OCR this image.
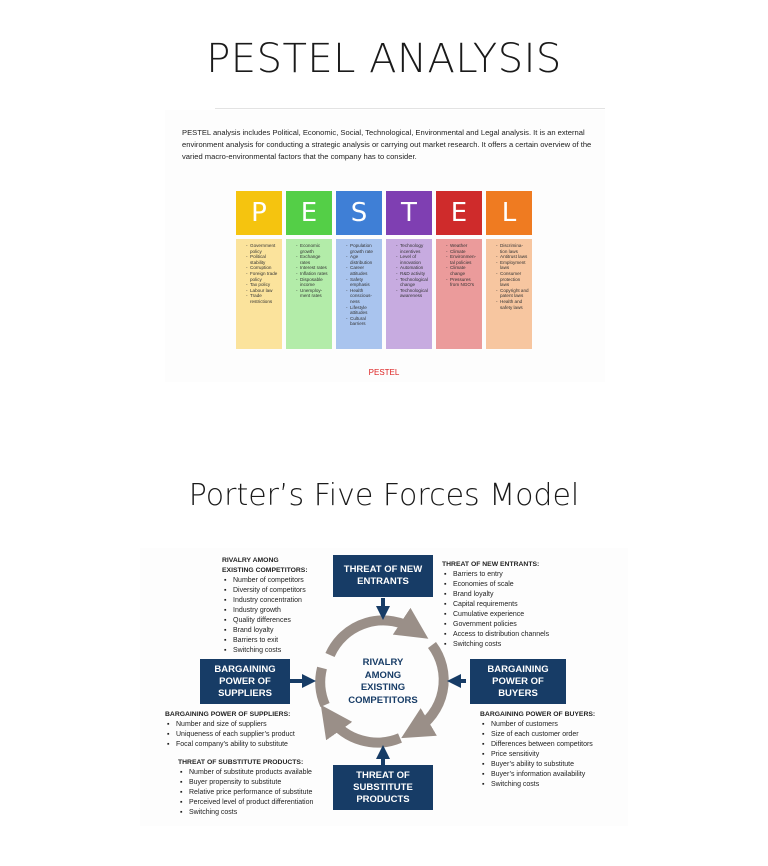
PESTEL ANALYSIS
PESTEL analysis includes Political, Economic, Social, Technological, Environmental and Legal analysis. It is an external environment analysis for conducting a strategic analysis or carrying out market research. It offers a certain overview of the varied macro-environmental factors that the company has to consider.
P
- Government policy
- Political stability
- Corruption
- Foreign trade policy
- Tax policy
- Labour law
- Trade restrictions
E
- Economic growth
- Exchange rates
- Interest rates
- Inflation rates
- Disposable income
- Unemploy-ment rates
S
- Population growth rate
- Age distribution
- Career attitudes
- Safety emphasis
- Health conscious-ness
- Lifestyle attitudes
- Cultural barriers
T
- Technology incentives
- Level of innovation
- Automation
- R&D activity
- Technological change
- Technological awareness
E
- Weather
- Climate
- Environmen-tal policies
- Climate change
- Pressures from NGO's
L
- Discrimina-tion laws
- Antitrust laws
- Employment laws
- Consumer protection laws
- Copyright and patent laws
- Health and safety laws
PESTEL
Porter’s Five Forces Model
RIVALRY
AMONG
EXISTING
COMPETITORS
THREAT OF NEW
ENTRANTS
BARGAINING
POWER OF
SUPPLIERS
BARGAINING
POWER OF
BUYERS
THREAT OF
SUBSTITUTE
PRODUCTS
RIVALRY AMONG
EXISTING COMPETITORS:
▪ Number of competitors
▪ Diversity of competitors
▪ Industry concentration
▪ Industry growth
▪ Quality differences
▪ Brand loyalty
▪ Barriers to exit
▪ Switching costs
THREAT OF NEW ENTRANTS:
▪ Barriers to entry
▪ Economies of scale
▪ Brand loyalty
▪ Capital requirements
▪ Cumulative experience
▪ Government policies
▪ Access to distribution channels
▪ Switching costs
BARGAINING POWER OF SUPPLIERS:
▪ Number and size of suppliers
▪ Uniqueness of each supplier’s product
▪ Focal company’s ability to substitute
BARGAINING POWER OF BUYERS:
▪ Number of customers
▪ Size of each customer order
▪ Differences between competitors
▪ Price sensitivity
▪ Buyer’s ability to substitute
▪ Buyer’s information availability
▪ Switching costs
THREAT OF SUBSTITUTE PRODUCTS:
▪ Number of substitute products available
▪ Buyer propensity to substitute
▪ Relative price performance of substitute
▪ Perceived level of product differentiation
▪ Switching costs
